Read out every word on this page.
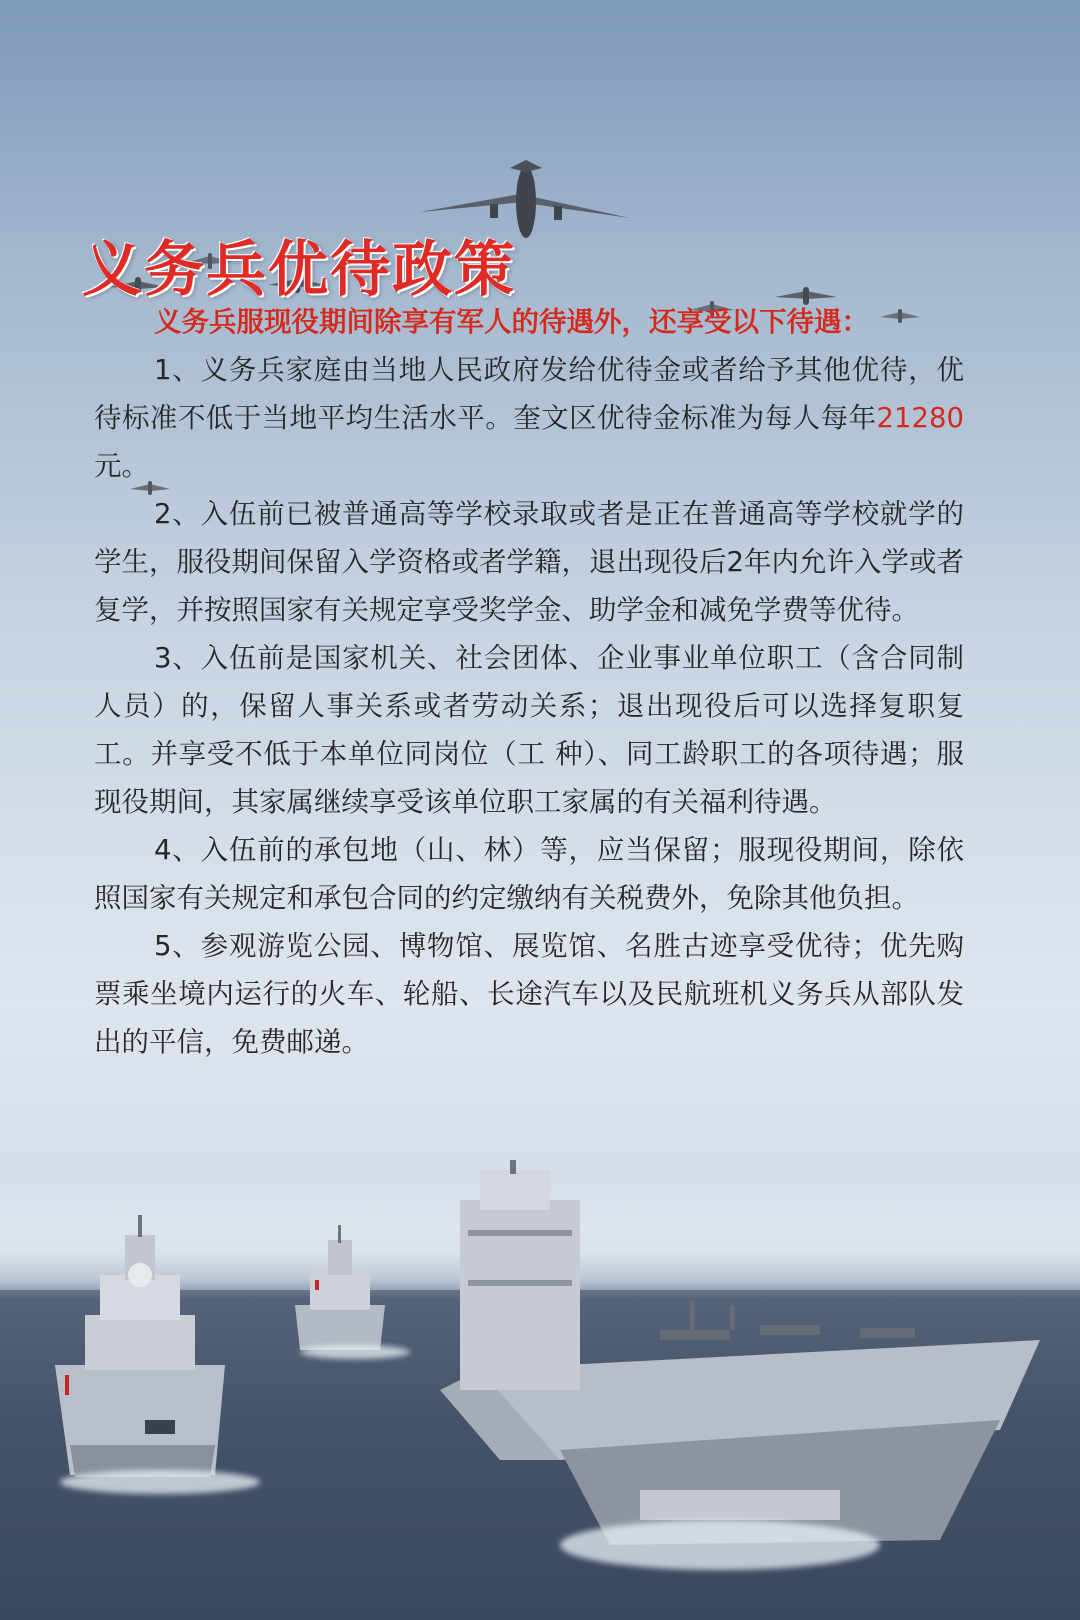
义务兵优待政策

义务兵服现役期间除享有军人的待遇外，还享受以下待遇：

1、义务兵家庭由当地人民政府发给优待金或者给予其他优待，优待标准不低于当地平均生活水平。奎文区优待金标准为每人每年21280元。

2、入伍前已被普通高等学校录取或者是正在普通高等学校就学的学生，服役期间保留入学资格或者学籍，退出现役后2年内允许入学或者复学，并按照国家有关规定享受奖学金、助学金和减免学费等优待。

3、入伍前是国家机关、社会团体、企业事业单位职工（含合同制人员）的，保留人事关系或者劳动关系；退出现役后可以选择复职复工。并享受不低于本单位同岗位（工 种）、同工龄职工的各项待遇；服现役期间，其家属继续享受该单位职工家属的有关福利待遇。

4、入伍前的承包地（山、林）等，应当保留；服现役期间，除依照国家有关规定和承包合同的约定缴纳有关税费外，免除其他负担。

5、参观游览公园、博物馆、展览馆、名胜古迹享受优待；优先购票乘坐境内运行的火车、轮船、长途汽车以及民航班机义务兵从部队发出的平信，免费邮递。
